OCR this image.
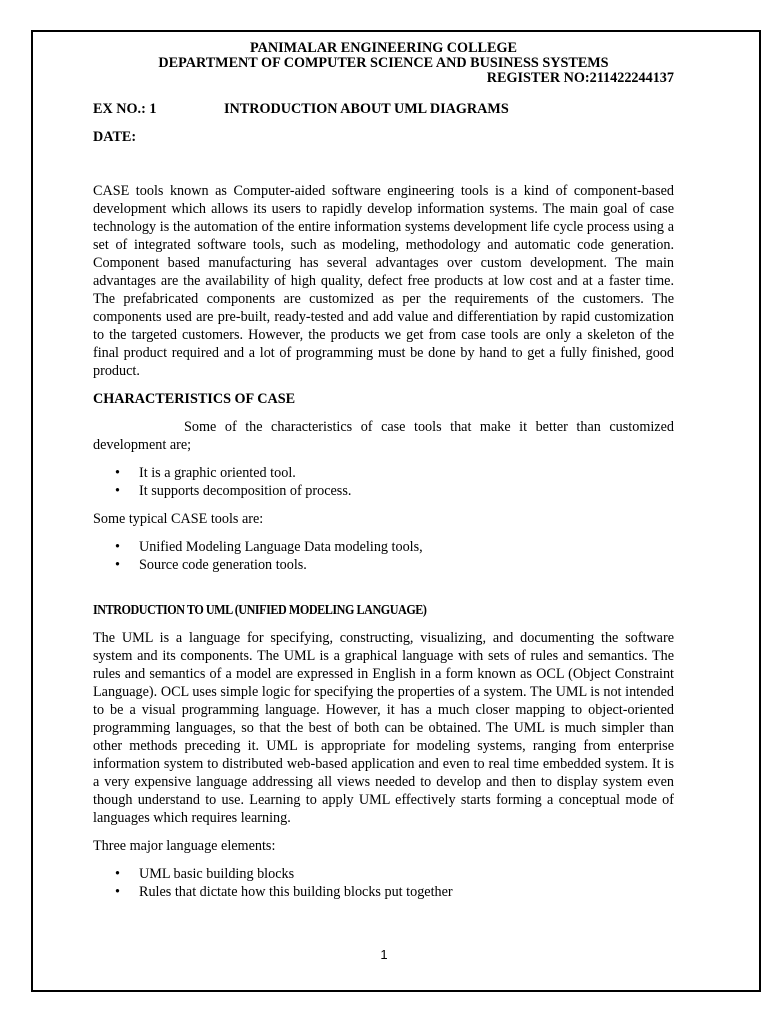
PANIMALAR ENGINEERING COLLEGE
DEPARTMENT OF COMPUTER SCIENCE AND BUSINESS SYSTEMS
REGISTER NO:211422244137
EX NO.: 1	INTRODUCTION ABOUT UML DIAGRAMS
DATE:

CASE tools known as Computer-aided software engineering tools is a kind of component-based development which allows its users to rapidly develop information systems. The main goal of case technology is the automation of the entire information systems development life cycle process using a set of integrated software tools, such as modeling, methodology and automatic code generation. Component based manufacturing has several advantages over custom development. The main advantages are the availability of high quality, defect free products at low cost and at a faster time. The prefabricated components are customized as per the requirements of the customers. The components used are pre-built, ready-tested and add value and differentiation by rapid customization to the targeted customers. However, the products we get from case tools are only a skeleton of the final product required and a lot of programming must be done by hand to get a fully finished, good product.

CHARACTERISTICS OF CASE

Some of the characteristics of case tools that make it better than customized development are;

• It is a graphic oriented tool.
• It supports decomposition of process.

Some typical CASE tools are:

• Unified Modeling Language Data modeling tools,
• Source code generation tools.
INTRODUCTION TO UML (UNIFIED MODELING LANGUAGE)

The UML is a language for specifying, constructing, visualizing, and documenting the software system and its components. The UML is a graphical language with sets of rules and semantics. The rules and semantics of a model are expressed in English in a form known as OCL (Object Constraint Language). OCL uses simple logic for specifying the properties of a system. The UML is not intended to be a visual programming language. However, it has a much closer mapping to object-oriented programming languages, so that the best of both can be obtained. The UML is much simpler than other methods preceding it. UML is appropriate for modeling systems, ranging from enterprise information system to distributed web-based application and even to real time embedded system. It is a very expensive language addressing all views needed to develop and then to display system even though understand to use. Learning to apply UML effectively starts forming a conceptual mode of languages which requires learning.

Three major language elements:

• UML basic building blocks
• Rules that dictate how this building blocks put together
1
